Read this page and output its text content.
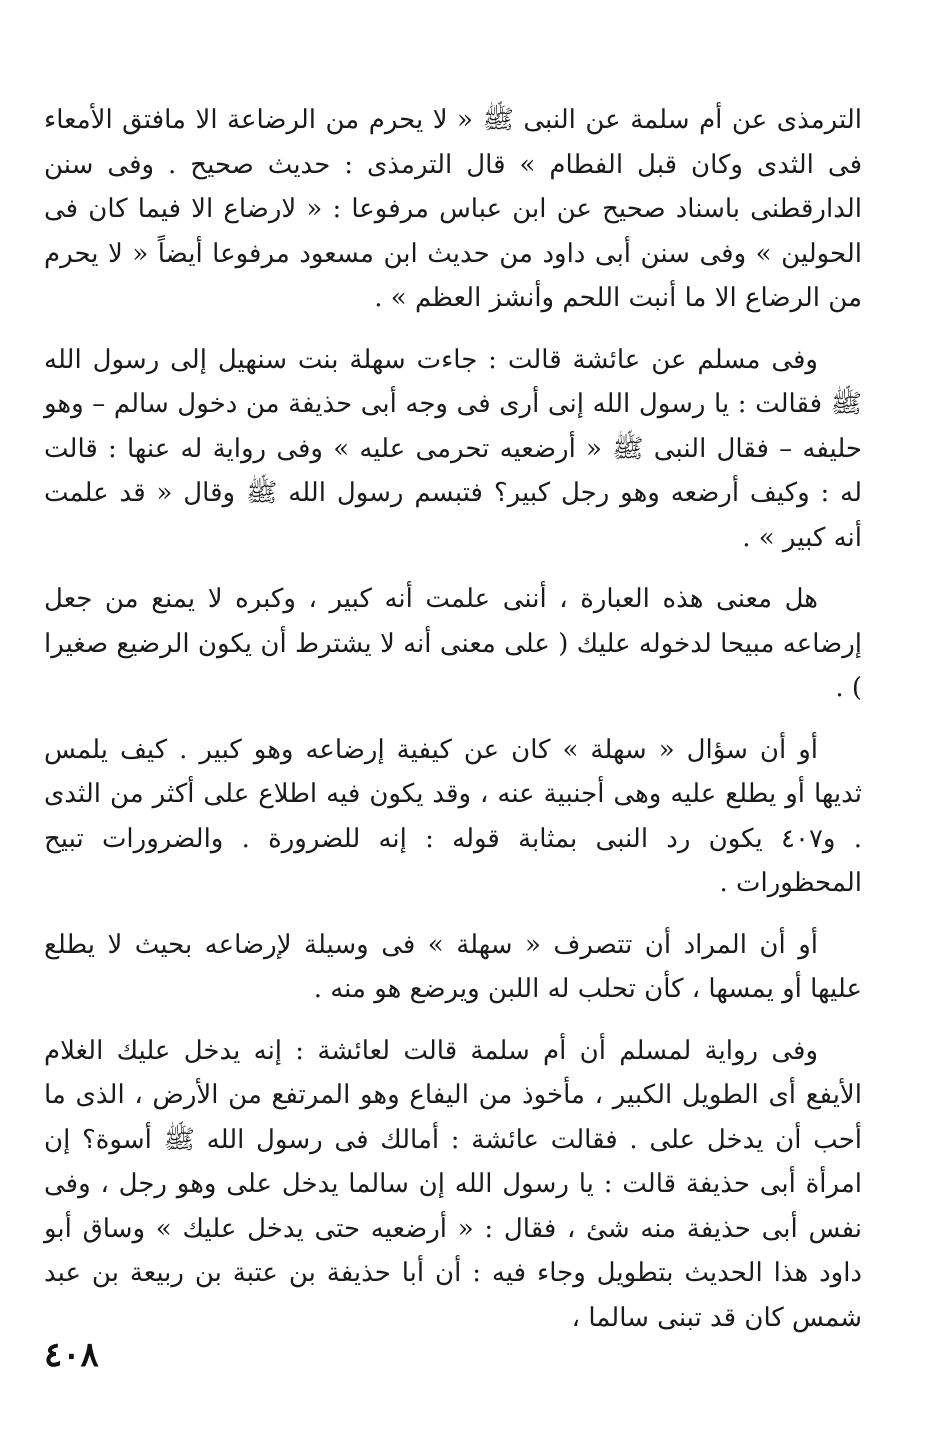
الترمذى عن أم سلمة عن النبى ﷺ « لا يحرم من الرضاعة الا مافتق الأمعاء فى الثدى وكان قبل الفطام » قال الترمذى : حديث صحيح . وفى سنن الدارقطنى باسناد صحيح عن ابن عباس مرفوعا : « لارضاع الا فيما كان فى الحولين » وفى سنن أبى داود من حديث ابن مسعود مرفوعا أيضاً « لا يحرم من الرضاع الا ما أنبت اللحم وأنشز العظم » .

وفى مسلم عن عائشة قالت : جاءت سهلة بنت سنهيل إلى رسول الله ﷺ فقالت : يا رسول الله إنى أرى فى وجه أبى حذيفة من دخول سالم – وهو حليفه – فقال النبى ﷺ « أرضعيه تحرمى عليه » وفى رواية له عنها : قالت له : وكيف أرضعه وهو رجل كبير؟ فتبسم رسول الله ﷺ وقال « قد علمت أنه كبير » .

هل معنى هذه العبارة ، أننى علمت أنه كبير ، وكبره لا يمنع من جعل إرضاعه مبيحا لدخوله عليك ( على معنى أنه لا يشترط أن يكون الرضيع صغيرا ) .

أو أن سؤال « سهلة » كان عن كيفية إرضاعه وهو كبير . كيف يلمس ثديها أو يطلع عليه وهى أجنبية عنه ، وقد يكون فيه اطلاع على أكثر من الثدى . و٤٠٧ يكون رد النبى بمثابة قوله : إنه للضرورة . والضرورات تبيح المحظورات .

أو أن المراد أن تتصرف « سهلة » فى وسيلة لإرضاعه بحيث لا يطلع عليها أو يمسها ، كأن تحلب له اللبن ويرضع هو منه .

وفى رواية لمسلم أن أم سلمة قالت لعائشة : إنه يدخل عليك الغلام الأيفع أى الطويل الكبير ، مأخوذ من اليفاع وهو المرتفع من الأرض ، الذى ما أحب أن يدخل على . فقالت عائشة : أمالك فى رسول الله ﷺ أسوة؟ إن امرأة أبى حذيفة قالت : يا رسول الله إن سالما يدخل على وهو رجل ، وفى نفس أبى حذيفة منه شئ ، فقال : « أرضعيه حتى يدخل عليك » وساق أبو داود هذا الحديث بتطويل وجاء فيه : أن أبا حذيفة بن عتبة بن ربيعة بن عبد شمس كان قد تبنى سالما ،

٤٠٨
